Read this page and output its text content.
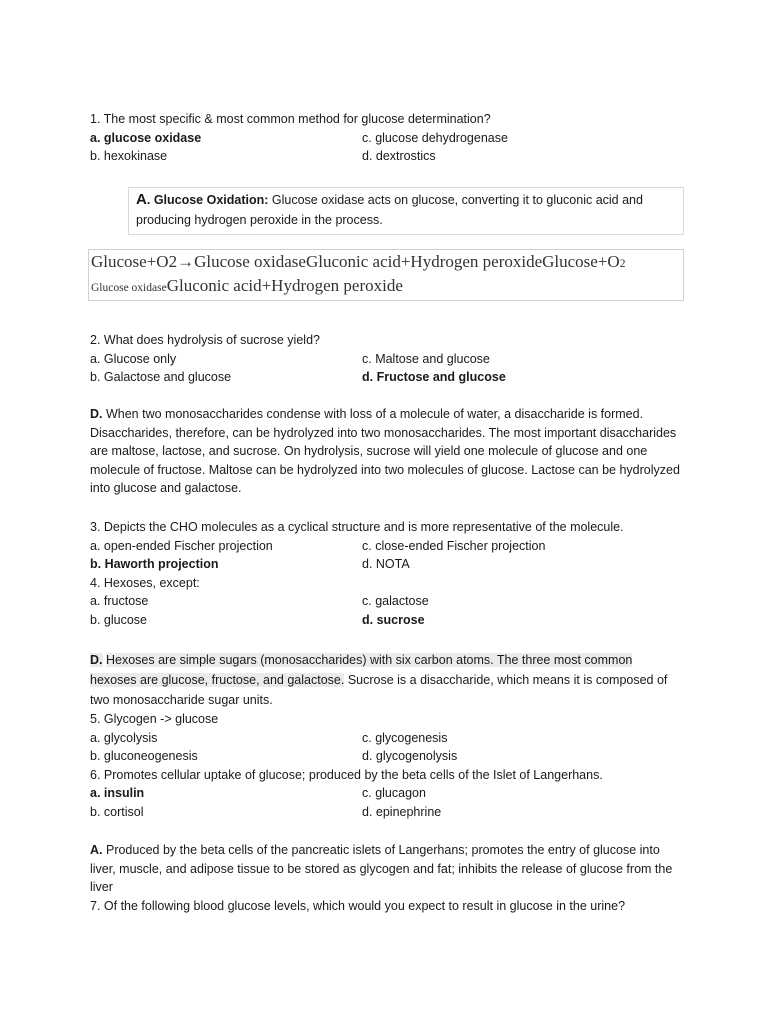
1. The most specific & most common method for glucose determination?
a. glucose oxidase	c. glucose dehydrogenase
b. hexokinase	d. dextrostics
A. Glucose Oxidation: Glucose oxidase acts on glucose, converting it to gluconic acid and producing hydrogen peroxide in the process.
Glucose+O2→Glucose oxidaseGluconic acid+Hydrogen peroxideGlucose+O2
Glucose oxidaseGluconic acid+Hydrogen peroxide
2. What does hydrolysis of sucrose yield?
a. Glucose only	c. Maltose and glucose
b. Galactose and glucose	d. Fructose and glucose
D. When two monosaccharides condense with loss of a molecule of water, a disaccharide is formed. Disaccharides, therefore, can be hydrolyzed into two monosaccharides. The most important disaccharides are maltose, lactose, and sucrose. On hydrolysis, sucrose will yield one molecule of glucose and one molecule of fructose. Maltose can be hydrolyzed into two molecules of glucose. Lactose can be hydrolyzed into glucose and galactose.
3. Depicts the CHO molecules as a cyclical structure and is more representative of the molecule.
a. open-ended Fischer projection	c. close-ended Fischer projection
b. Haworth projection	d. NOTA
4. Hexoses, except:
a. fructose	c. galactose
b. glucose	d. sucrose
D. Hexoses are simple sugars (monosaccharides) with six carbon atoms. The three most common hexoses are glucose, fructose, and galactose. Sucrose is a disaccharide, which means it is composed of two monosaccharide sugar units.
5. Glycogen -> glucose
a. glycolysis	c. glycogenesis
b. gluconeogenesis	d. glycogenolysis
6. Promotes cellular uptake of glucose; produced by the beta cells of the Islet of Langerhans.
a. insulin	c. glucagon
b. cortisol	d. epinephrine
A. Produced by the beta cells of the pancreatic islets of Langerhans; promotes the entry of glucose into liver, muscle, and adipose tissue to be stored as glycogen and fat; inhibits the release of glucose from the liver
7. Of the following blood glucose levels, which would you expect to result in glucose in the urine?
